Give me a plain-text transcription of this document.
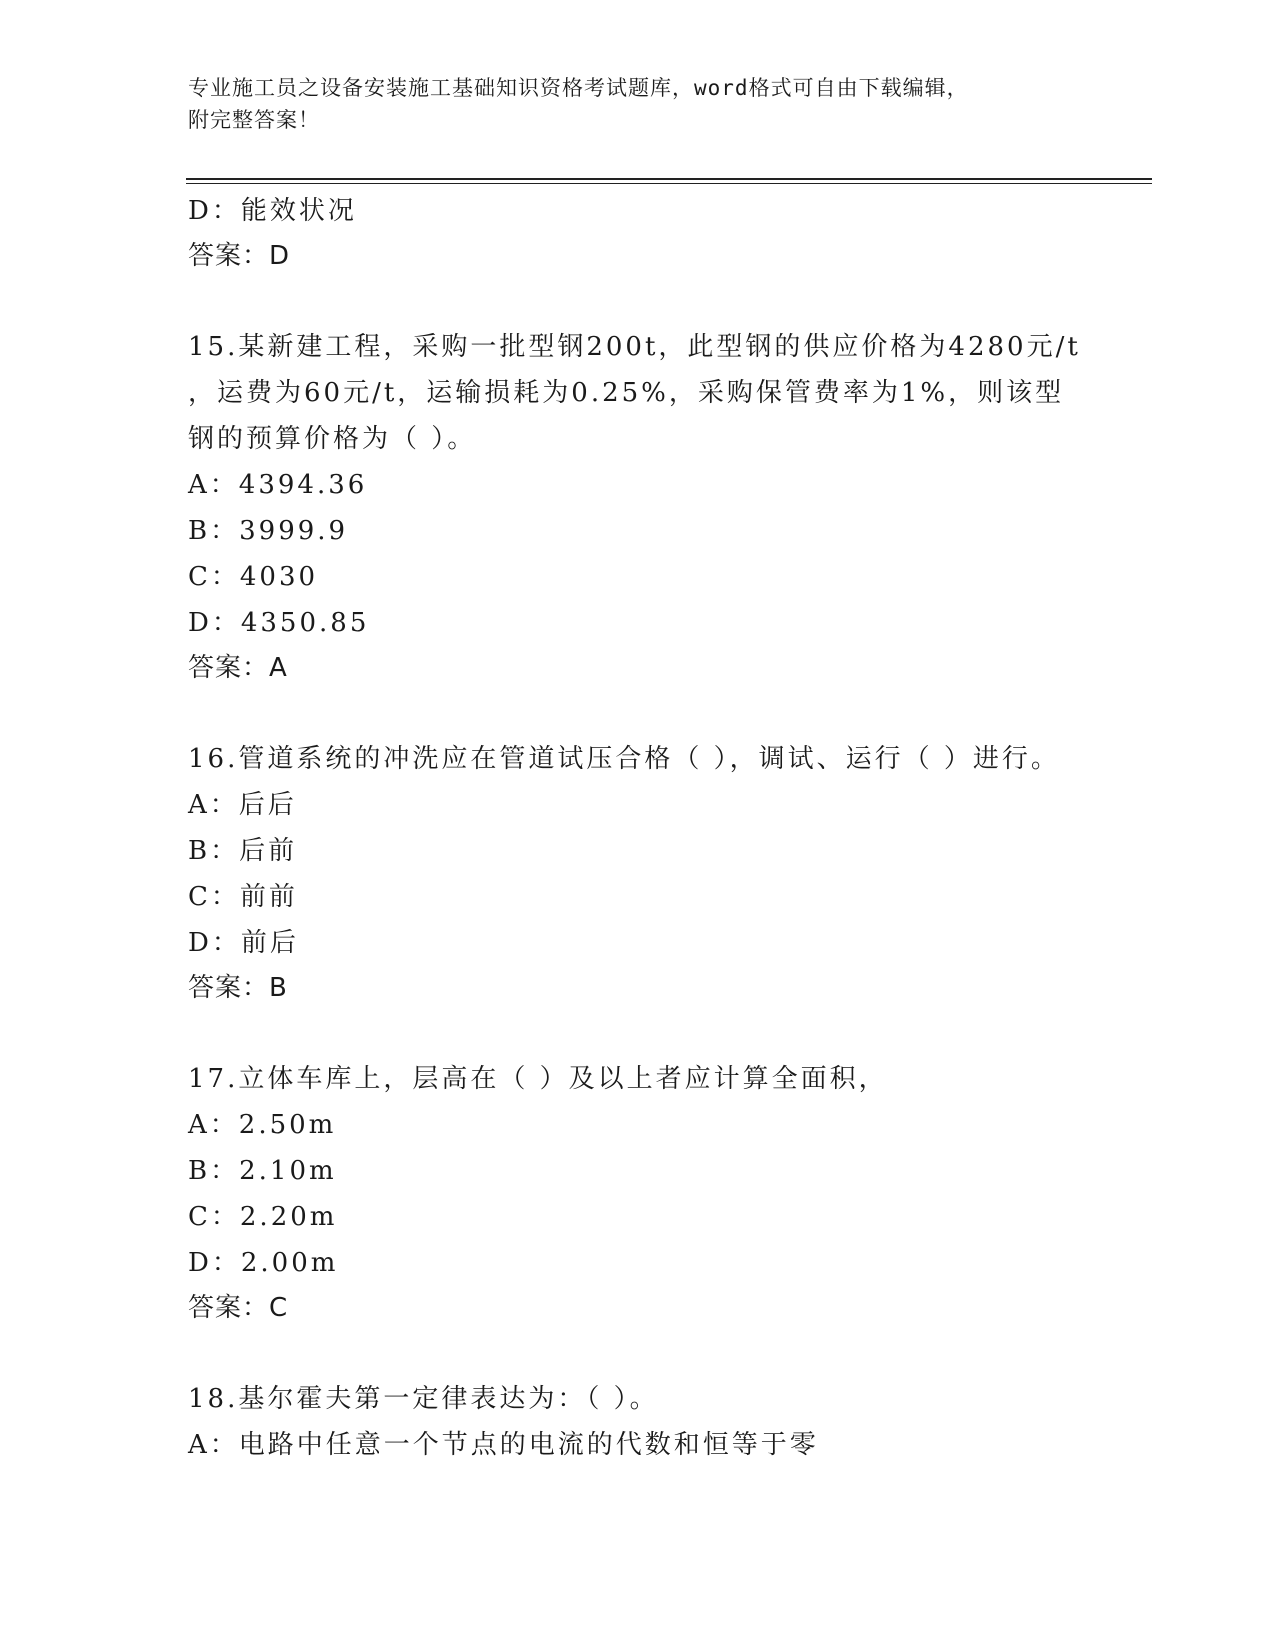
专业施工员之设备安装施工基础知识资格考试题库，word格式可自由下载编辑，
附完整答案！
D：能效状况
答案：D
15.某新建工程，采购一批型钢200t，此型钢的供应价格为4280元/t
，运费为60元/t，运输损耗为0.25%，采购保管费率为1%，则该型
钢的预算价格为（ ）。
A：4394.36
B：3999.9
C：4030
D：4350.85
答案：A
16.管道系统的冲洗应在管道试压合格（ ），调试、运行（ ）进行。
A：后后
B：后前
C：前前
D：前后
答案：B
17.立体车库上，层高在（ ）及以上者应计算全面积，
A：2.50m
B：2.10m
C：2.20m
D：2.00m
答案：C
18.基尔霍夫第一定律表达为：（ ）。
A：电路中任意一个节点的电流的代数和恒等于零
